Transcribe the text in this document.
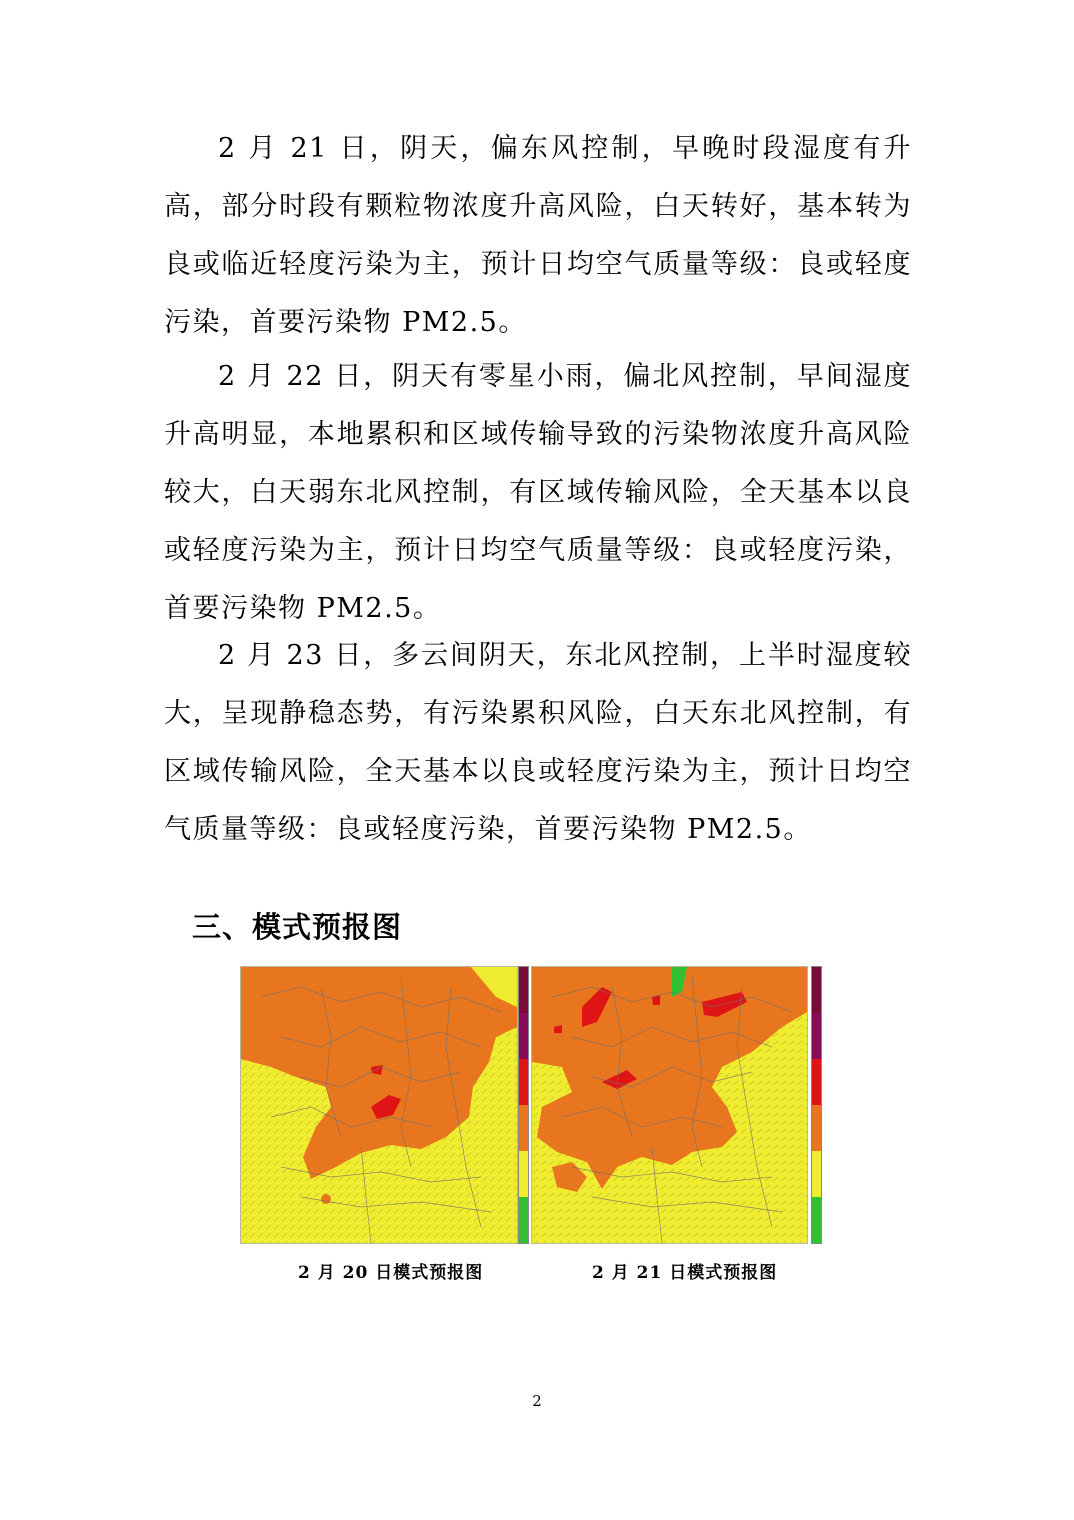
2 月 21 日，阴天，偏东风控制，早晚时段湿度有升高，部分时段有颗粒物浓度升高风险，白天转好，基本转为良或临近轻度污染为主，预计日均空气质量等级：良或轻度污染，首要污染物 PM2.5。

2 月 22 日，阴天有零星小雨，偏北风控制，早间湿度升高明显，本地累积和区域传输导致的污染物浓度升高风险较大，白天弱东北风控制，有区域传输风险，全天基本以良或轻度污染为主，预计日均空气质量等级：良或轻度污染，首要污染物 PM2.5。

2 月 23 日，多云间阴天，东北风控制，上半时湿度较大，呈现静稳态势，有污染累积风险，白天东北风控制，有区域传输风险，全天基本以良或轻度污染为主，预计日均空气质量等级：良或轻度污染，首要污染物 PM2.5。

三、模式预报图
2 月 20 日模式预报图	2 月 21 日模式预报图
2
